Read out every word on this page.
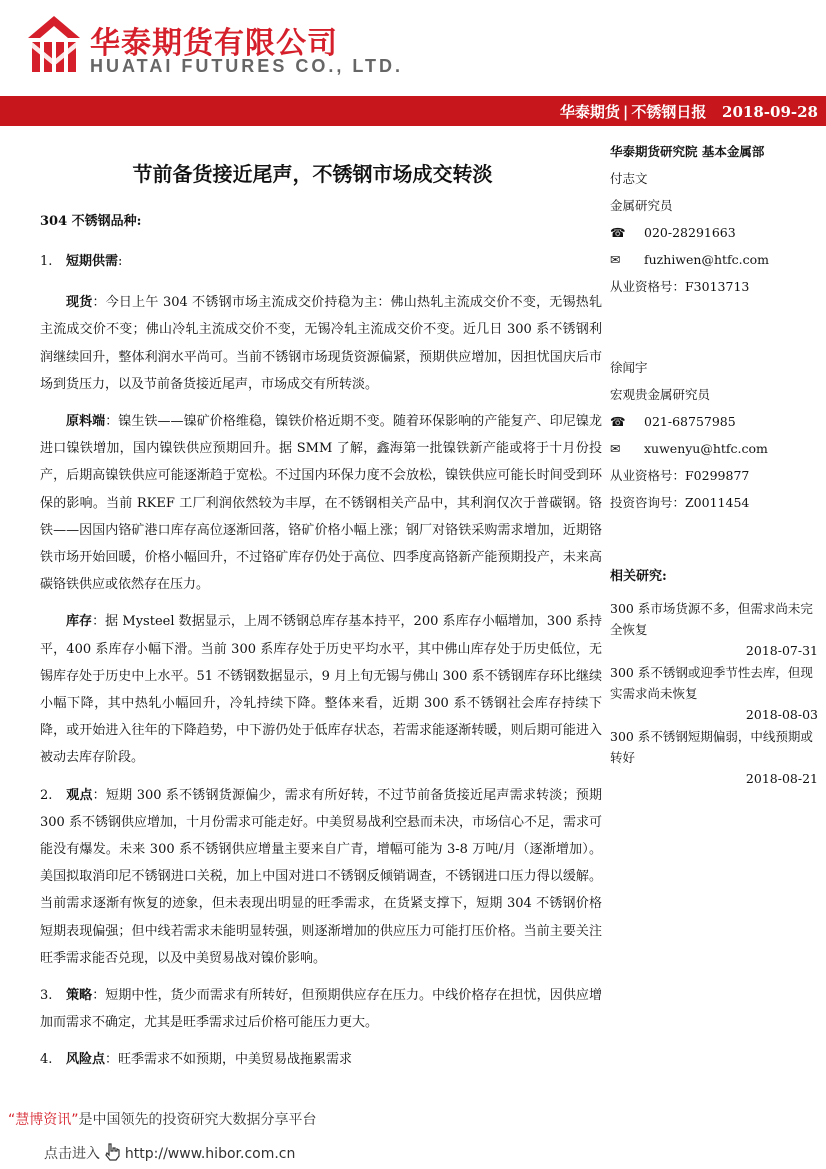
华泰期货有限公司
HUATAI FUTURES CO., LTD.
华泰期货 | 不锈钢日报 2018-09-28
节前备货接近尾声，不锈钢市场成交转淡
304 不锈钢品种:

1. 短期供需:

现货：今日上午 304 不锈钢市场主流成交价持稳为主：佛山热轧主流成交价不变，无锡热轧主流成交价不变；佛山冷轧主流成交价不变，无锡冷轧主流成交价不变。近几日 300 系不锈钢利润继续回升，整体利润水平尚可。当前不锈钢市场现货资源偏紧，预期供应增加，因担忧国庆后市场到货压力，以及节前备货接近尾声，市场成交有所转淡。

原料端：镍生铁——镍矿价格维稳，镍铁价格近期不变。随着环保影响的产能复产、印尼镍龙进口镍铁增加，国内镍铁供应预期回升。据 SMM 了解，鑫海第一批镍铁新产能或将于十月份投产，后期高镍铁供应可能逐渐趋于宽松。不过国内环保力度不会放松，镍铁供应可能长时间受到环保的影响。当前 RKEF 工厂利润依然较为丰厚，在不锈钢相关产品中，其利润仅次于普碳钢。铬铁——因国内铬矿港口库存高位逐渐回落，铬矿价格小幅上涨；钢厂对铬铁采购需求增加，近期铬铁市场开始回暖，价格小幅回升，不过铬矿库存仍处于高位、四季度高铬新产能预期投产，未来高碳铬铁供应或依然存在压力。

库存：据 Mysteel 数据显示，上周不锈钢总库存基本持平，200 系库存小幅增加，300 系持平，400 系库存小幅下滑。当前 300 系库存处于历史平均水平，其中佛山库存处于历史低位，无锡库存处于历史中上水平。51 不锈钢数据显示，9 月上旬无锡与佛山 300 系不锈钢库存环比继续小幅下降，其中热轧小幅回升，冷轧持续下降。整体来看，近期 300 系不锈钢社会库存持续下降，或开始进入往年的下降趋势，中下游仍处于低库存状态，若需求能逐渐转暖，则后期可能进入被动去库存阶段。

2. 观点：短期 300 系不锈钢货源偏少，需求有所好转，不过节前备货接近尾声需求转淡；预期 300 系不锈钢供应增加，十月份需求可能走好。中美贸易战利空悬而未决，市场信心不足，需求可能没有爆发。未来 300 系不锈钢供应增量主要来自广青，增幅可能为 3-8 万吨/月（逐渐增加）。美国拟取消印尼不锈钢进口关税，加上中国对进口不锈钢反倾销调查，不锈钢进口压力得以缓解。当前需求逐渐有恢复的迹象，但未表现出明显的旺季需求，在货紧支撑下，短期 304 不锈钢价格短期表现偏强；但中线若需求未能明显转强，则逐渐增加的供应压力可能打压价格。当前主要关注旺季需求能否兑现，以及中美贸易战对镍价影响。

3. 策略：短期中性，货少而需求有所转好，但预期供应存在压力。中线价格存在担忧，因供应增加而需求不确定，尤其是旺季需求过后价格可能压力更大。

4. 风险点：旺季需求不如预期，中美贸易战拖累需求

华泰期货研究院 基本金属部
付志文
金属研究员
☎ 020-28291663
✉ fuzhiwen@htfc.com
从业资格号：F3013713
徐闻宇
宏观贵金属研究员
☎ 021-68757985
✉ xuwenyu@htfc.com
从业资格号：F0299877
投资咨询号：Z0011454
相关研究:
300 系市场货源不多，但需求尚未完全恢复
2018-07-31
300 系不锈钢或迎季节性去库，但现实需求尚未恢复
2018-08-03
300 系不锈钢短期偏弱，中线预期或转好
2018-08-21
“慧博资讯”是中国领先的投资研究大数据分享平台
点击进入 http://www.hibor.com.cn
